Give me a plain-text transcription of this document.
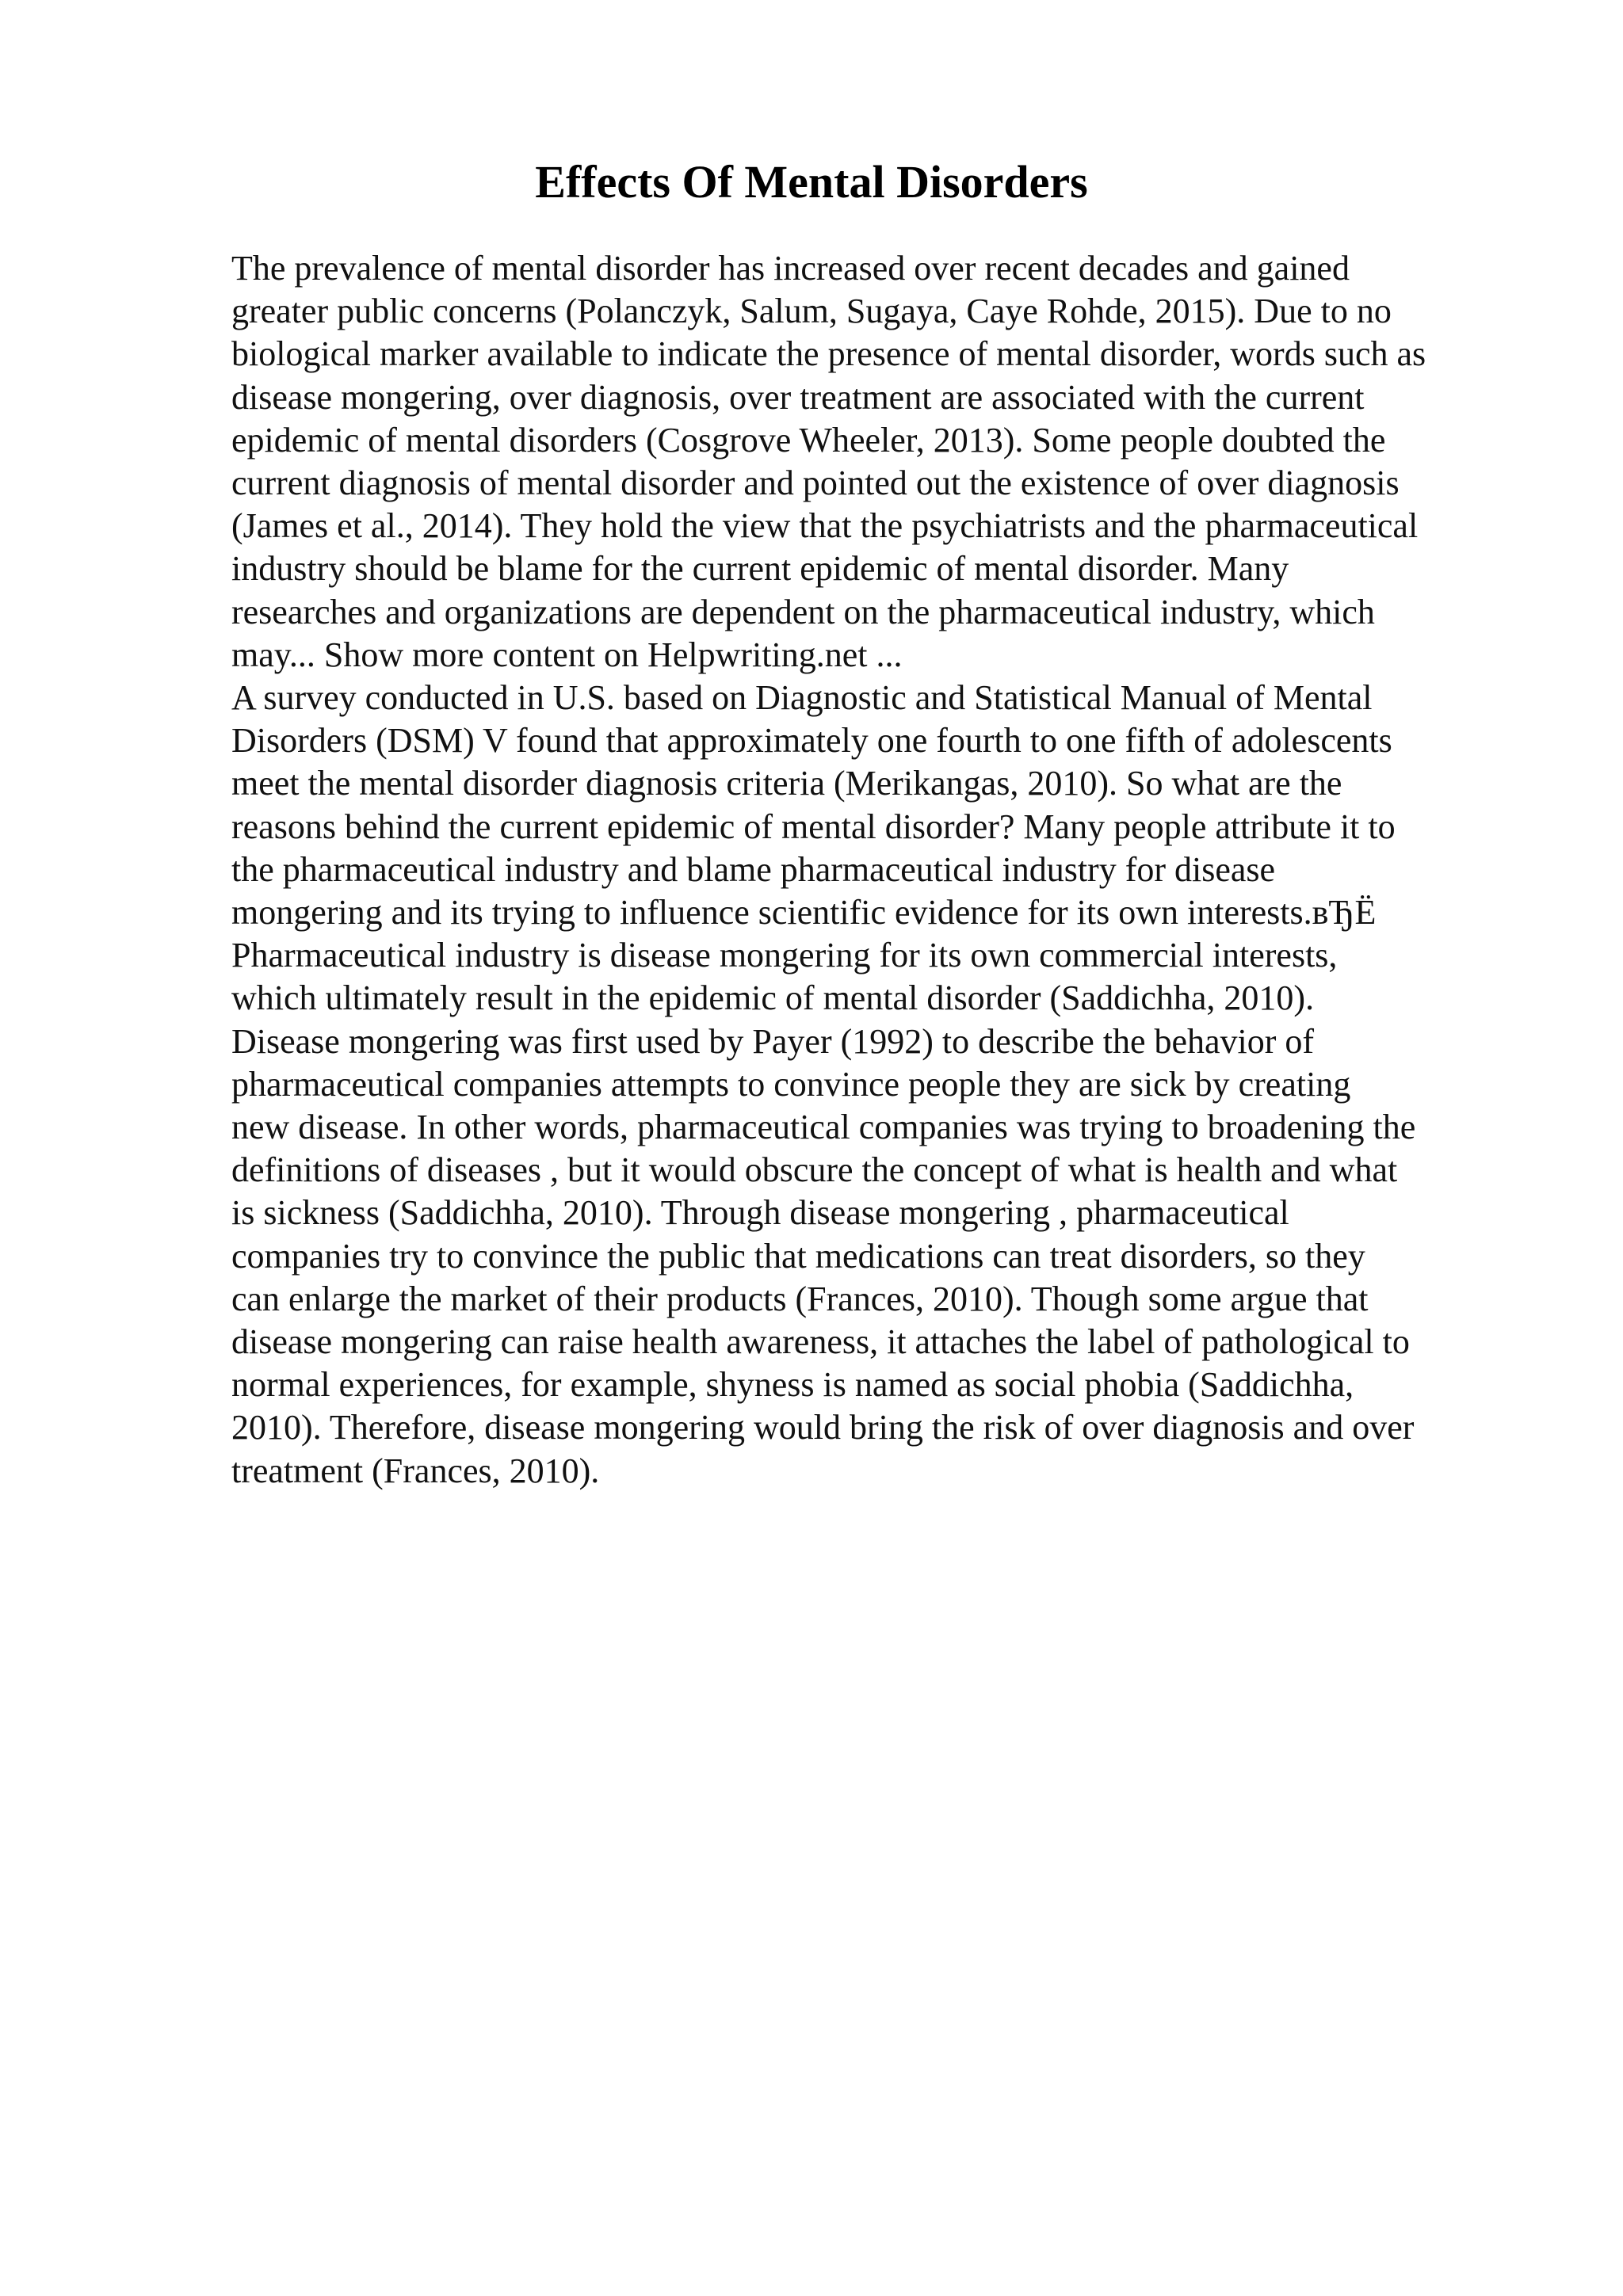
Effects Of Mental Disorders
The prevalence of mental disorder has increased over recent decades and gained
greater public concerns (Polanczyk, Salum, Sugaya, Caye Rohde, 2015). Due to no
biological marker available to indicate the presence of mental disorder, words such as
disease mongering, over diagnosis, over treatment are associated with the current
epidemic of mental disorders (Cosgrove Wheeler, 2013). Some people doubted the
current diagnosis of mental disorder and pointed out the existence of over diagnosis
(James et al., 2014). They hold the view that the psychiatrists and the pharmaceutical
industry should be blame for the current epidemic of mental disorder. Many
researches and organizations are dependent on the pharmaceutical industry, which
may... Show more content on Helpwriting.net ...
A survey conducted in U.S. based on Diagnostic and Statistical Manual of Mental
Disorders (DSM) V found that approximately one fourth to one fifth of adolescents
meet the mental disorder diagnosis criteria (Merikangas, 2010). So what are the
reasons behind the current epidemic of mental disorder? Many people attribute it to
the pharmaceutical industry and blame pharmaceutical industry for disease
mongering and its trying to influence scientific evidence for its own interests.вЂЁ
Pharmaceutical industry is disease mongering for its own commercial interests,
which ultimately result in the epidemic of mental disorder (Saddichha, 2010).
Disease mongering was first used by Payer (1992) to describe the behavior of
pharmaceutical companies attempts to convince people they are sick by creating
new disease. In other words, pharmaceutical companies was trying to broadening the
definitions of diseases , but it would obscure the concept of what is health and what
is sickness (Saddichha, 2010). Through disease mongering , pharmaceutical
companies try to convince the public that medications can treat disorders, so they
can enlarge the market of their products (Frances, 2010). Though some argue that
disease mongering can raise health awareness, it attaches the label of pathological to
normal experiences, for example, shyness is named as social phobia (Saddichha,
2010). Therefore, disease mongering would bring the risk of over diagnosis and over
treatment (Frances, 2010).
